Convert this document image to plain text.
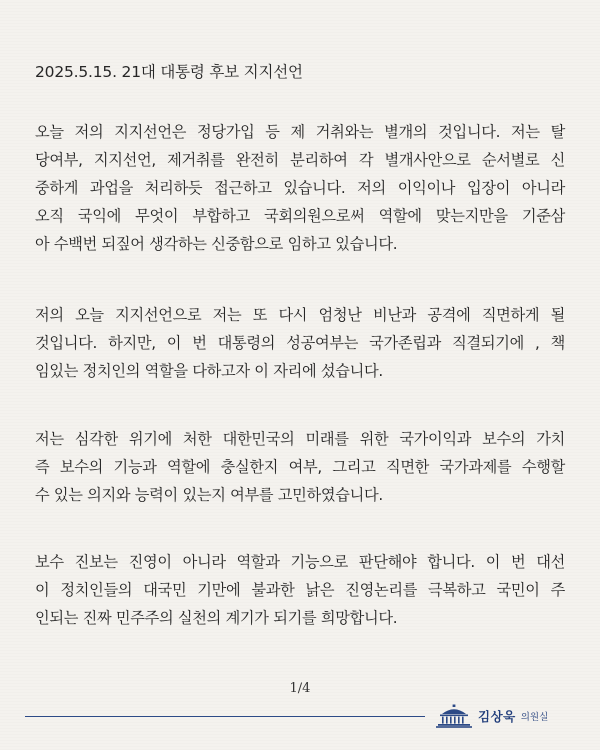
2025.5.15. 21대 대통령 후보 지지선언
오늘 저의 지지선언은 정당가입 등 제 거취와는 별개의 것입니다. 저는 탈
당여부, 지지선언, 제거취를 완전히 분리하여 각 별개사안으로 순서별로 신
중하게 과업을 처리하듯 접근하고 있습니다. 저의 이익이나 입장이 아니라
오직 국익에 무엇이 부합하고 국회의원으로써 역할에 맞는지만을 기준삼
아 수백번 되짚어 생각하는 신중함으로 임하고 있습니다.
저의 오늘 지지선언으로 저는 또 다시 엄청난 비난과 공격에 직면하게 될
것입니다. 하지만, 이 번 대통령의 성공여부는 국가존립과 직결되기에 , 책
임있는 정치인의 역할을 다하고자 이 자리에 섰습니다.
저는 심각한 위기에 처한 대한민국의 미래를 위한 국가이익과 보수의 가치
즉 보수의 기능과 역할에 충실한지 여부, 그리고 직면한 국가과제를 수행할
수 있는 의지와 능력이 있는지 여부를 고민하였습니다.
보수 진보는 진영이 아니라 역할과 기능으로 판단해야 합니다. 이 번 대선
이 정치인들의 대국민 기만에 불과한 낡은 진영논리를 극복하고 국민이 주
인되는 진짜 민주주의 실천의 계기가 되기를 희망합니다.
1/4
김상욱 의원실
